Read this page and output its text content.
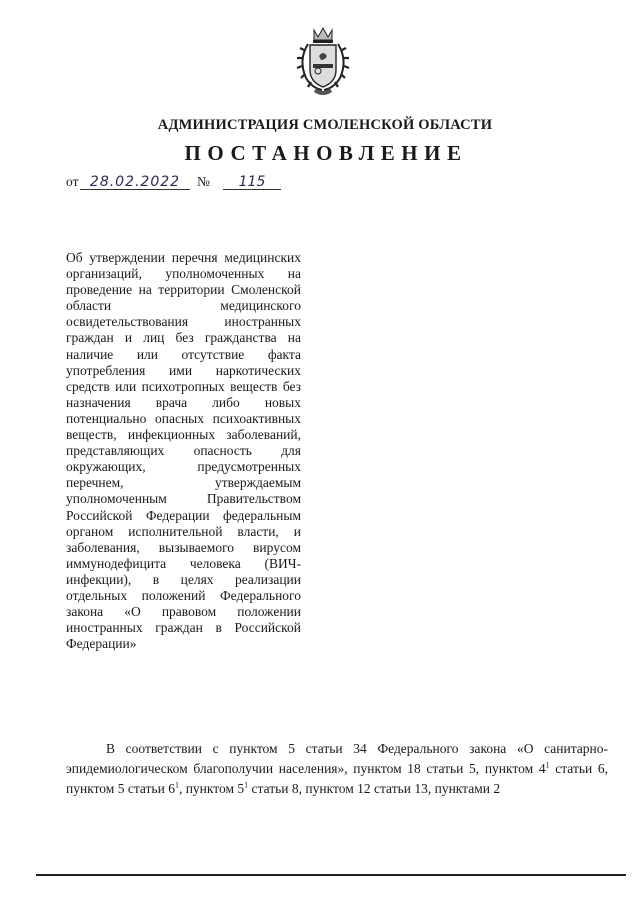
АДМИНИСТРАЦИЯ СМОЛЕНСКОЙ ОБЛАСТИ
ПОСТАНОВЛЕНИЕ
от 28.02.2022	№	115
Об утверждении перечня медицинских организаций, уполномоченных на проведение на территории Смоленской области медицинского освидетельствования иностранных граждан и лиц без гражданства на наличие или отсутствие факта употребления ими наркотических средств или психотропных веществ без назначения врача либо новых потенциально опасных психоактивных веществ, инфекционных заболеваний, представляющих опасность для окружающих, предусмотренных перечнем, утверждаемым уполномоченным Правительством Российской Федерации федеральным органом исполнительной власти, и заболевания, вызываемого вирусом иммунодефицита человека (ВИЧ-инфекции), в целях реализации отдельных положений Федерального закона «О правовом положении иностранных граждан в Российской Федерации»

В соответствии с пунктом 5 статьи 34 Федерального закона «О санитарно-эпидемиологическом благополучии населения», пунктом 18 статьи 5, пунктом $4^1$ статьи 6, пунктом 5 статьи $6^1$, пунктом $5^1$ статьи 8, пунктом 12 статьи 13, пунктами 2
